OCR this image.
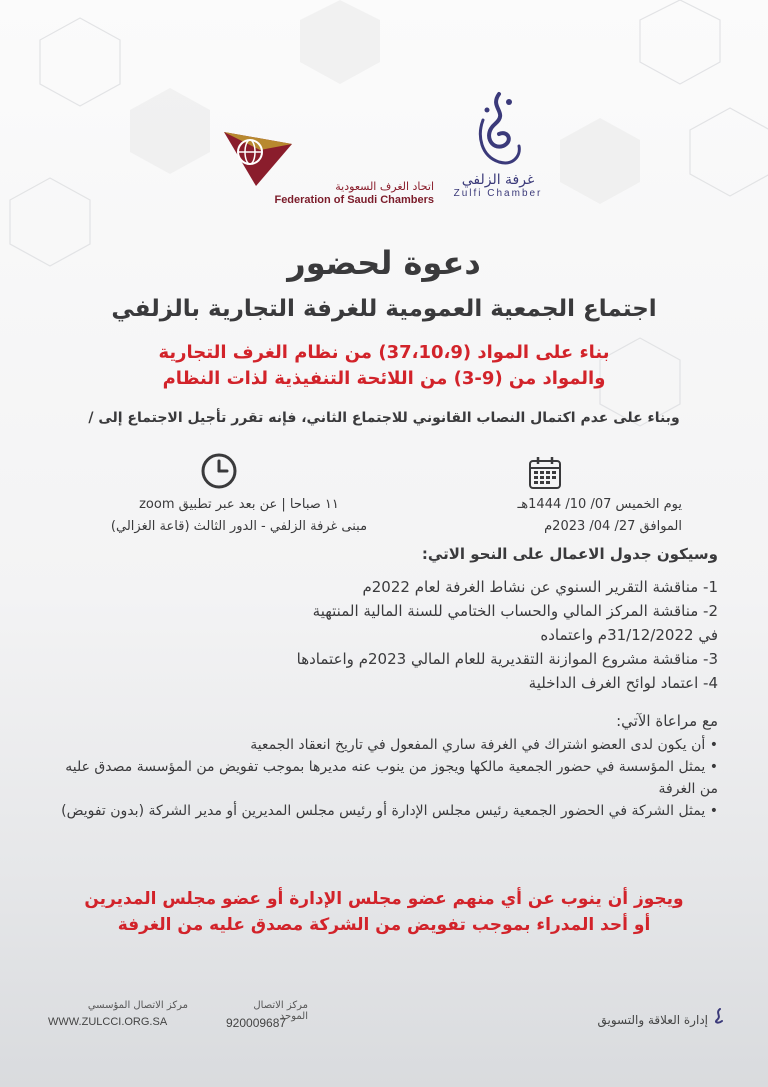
غرفة الزلفي
Zulfi Chamber
اتحاد الغرف السعودية
Federation of Saudi Chambers
دعوة لحضور
اجتماع الجمعية العمومية للغرفة التجارية بالزلفي
بناء على المواد (37،10،9) من نظام الغرف التجارية
والمواد من (9-3) من اللائحة التنفيذية لذات النظام
وبناء على عدم اكتمال النصاب القانوني للاجتماع الثاني، فإنه تقرر تأجيل الاجتماع إلى /
يوم الخميس 07/ 10/ 1444هـ
الموافق 27/ 04/ 2023م
١١ صباحا | عن بعد عبر تطبيق zoom
مبنى غرفة الزلفي - الدور الثالث (قاعة الغزالي)
وسيكون جدول الاعمال على النحو الاتي:
1- مناقشة التقرير السنوي عن نشاط الغرفة لعام 2022م
2- مناقشة المركز المالي والحساب الختامي للسنة المالية المنتهية
في 31/12/2022م واعتماده
3- مناقشة مشروع الموازنة التقديرية للعام المالي 2023م واعتمادها
4- اعتماد لوائح الغرف الداخلية
مع مراعاة الآتي:
• أن يكون لدى العضو اشتراك في الغرفة ساري المفعول في تاريخ انعقاد الجمعية
• يمثل المؤسسة في حضور الجمعية مالكها ويجوز من ينوب عنه مديرها بموجب تفويض من المؤسسة مصدق عليه من الغرفة
• يمثل الشركة في الحضور الجمعية رئيس مجلس الإدارة أو رئيس مجلس المديرين أو مدير الشركة (بدون تفويض)
ويجوز أن ينوب عن أي منهم عضو مجلس الإدارة أو عضو مجلس المديرين
أو أحد المدراء بموجب تفويض من الشركة مصدق عليه من الغرفة
مركز الاتصال المؤسسي
WWW.ZULCCI.ORG.SA
مركز الاتصال الموحد
920009687	إدارة العلاقة والتسويق
